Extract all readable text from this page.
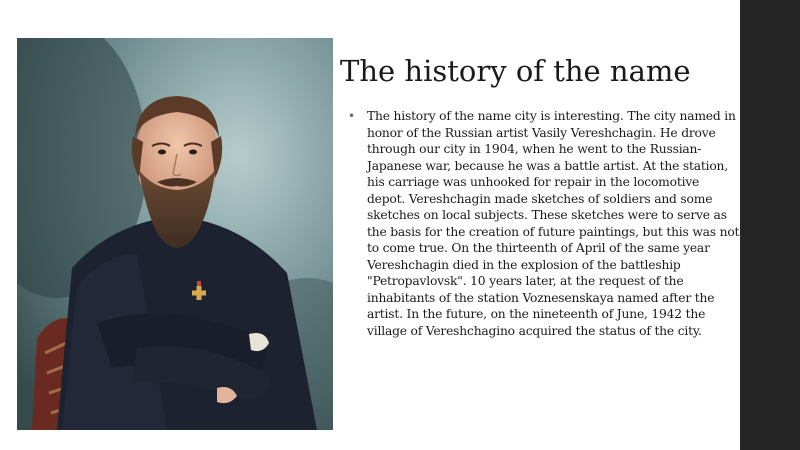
The history of the name
• The history of the name city is interesting. The city named in honor of the Russian artist Vasily Vereshchagin. He drove through our city in 1904, when he went to the Russian-Japanese war, because he was a battle artist. At the station, his carriage was unhooked for repair in the locomotive depot. Vereshchagin made sketches of soldiers and some sketches on local subjects. These sketches were to serve as the basis for the creation of future paintings, but this was not to come true. On the thirteenth of April of the same year Vereshchagin died in the explosion of the battleship "Petropavlovsk". 10 years later, at the request of the inhabitants of the station Voznesenskaya named after the artist. In the future, on the nineteenth of June, 1942 the village of Vereshchagino acquired the status of the city.
